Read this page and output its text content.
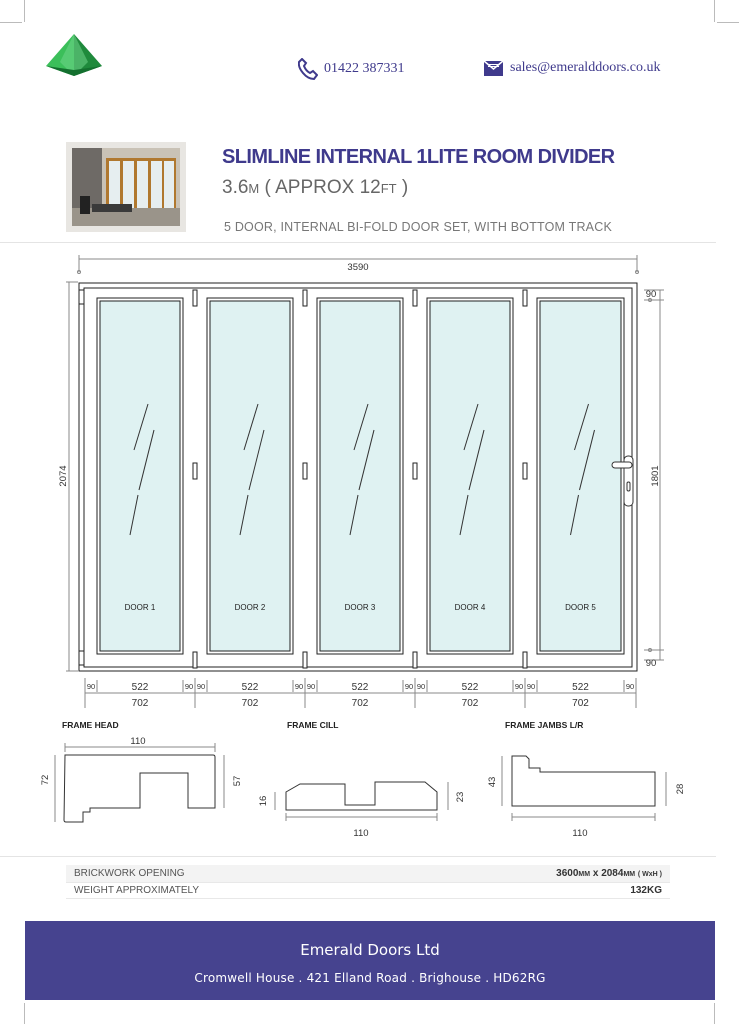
01422 387331	sales@emeralddoors.co.uk
SLIMLINE INTERNAL 1LITE ROOM DIVIDER
3.6M ( APPROX 12FT )
5 DOOR, INTERNAL BI-FOLD DOOR SET, WITH BOTTOM TRACK
3590
2074
90
90
1801
DOOR 1	DOOR 2	DOOR 3	DOOR 4	DOOR 5
90	90
522
702
90	90
522
702
90	90
522
702
90	90
522
702
90	90
522
702
FRAME HEAD
110
72	57
FRAME CILL
110
16	23
FRAME JAMBS L/R
110
43
28
BRICKWORK OPENING	3600MM x 2084MM ( WxH )
WEIGHT APPROXIMATELY	132KG
Emerald Doors Ltd
Cromwell House . 421 Elland Road . Brighouse . HD62RG
